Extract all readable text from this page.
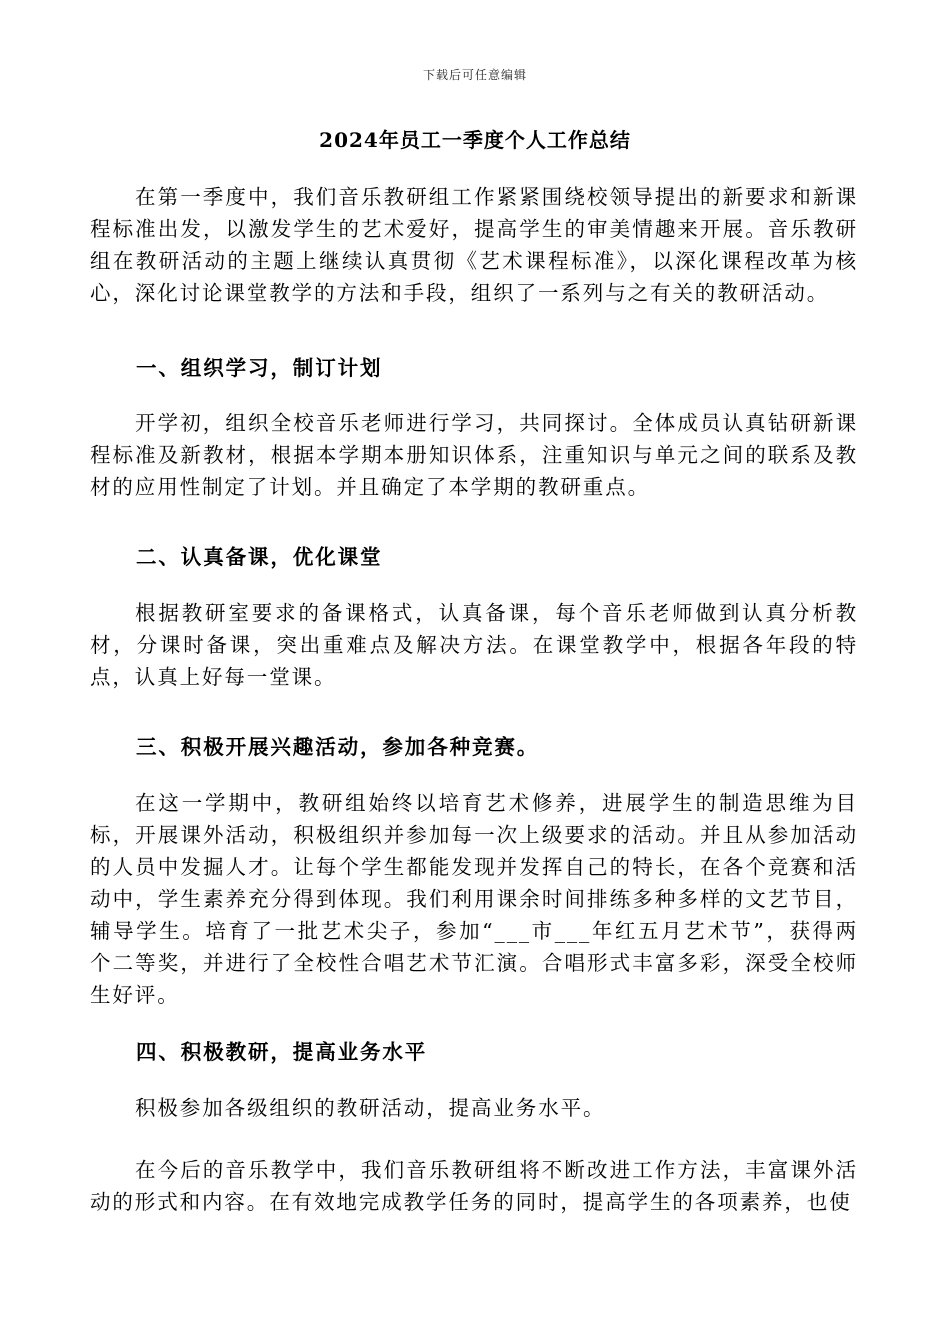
下载后可任意编辑
2024年员工一季度个人工作总结

在第一季度中，我们音乐教研组工作紧紧围绕校领导提出的新要求和新课程标准出发，以激发学生的艺术爱好，提高学生的审美情趣来开展。音乐教研组在教研活动的主题上继续认真贯彻《艺术课程标准》，以深化课程改革为核心，深化讨论课堂教学的方法和手段，组织了一系列与之有关的教研活动。

一、组织学习，制订计划

开学初，组织全校音乐老师进行学习，共同探讨。全体成员认真钻研新课程标准及新教材，根据本学期本册知识体系，注重知识与单元之间的联系及教材的应用性制定了计划。并且确定了本学期的教研重点。

二、认真备课，优化课堂

根据教研室要求的备课格式，认真备课，每个音乐老师做到认真分析教材，分课时备课，突出重难点及解决方法。在课堂教学中，根据各年段的特点，认真上好每一堂课。

三、积极开展兴趣活动，参加各种竞赛。

在这一学期中，教研组始终以培育艺术修养，进展学生的制造思维为目标，开展课外活动，积极组织并参加每一次上级要求的活动。并且从参加活动的人员中发掘人才。让每个学生都能发现并发挥自己的特长，在各个竞赛和活动中，学生素养充分得到体现。我们利用课余时间排练多种多样的文艺节目，辅导学生。培育了一批艺术尖子，参加“___市___年红五月艺术节”，获得两个二等奖，并进行了全校性合唱艺术节汇演。合唱形式丰富多彩，深受全校师生好评。

四、积极教研，提高业务水平

积极参加各级组织的教研活动，提高业务水平。

在今后的音乐教学中，我们音乐教研组将不断改进工作方法，丰富课外活动的形式和内容。在有效地完成教学任务的同时，提高学生的各项素养，也使
